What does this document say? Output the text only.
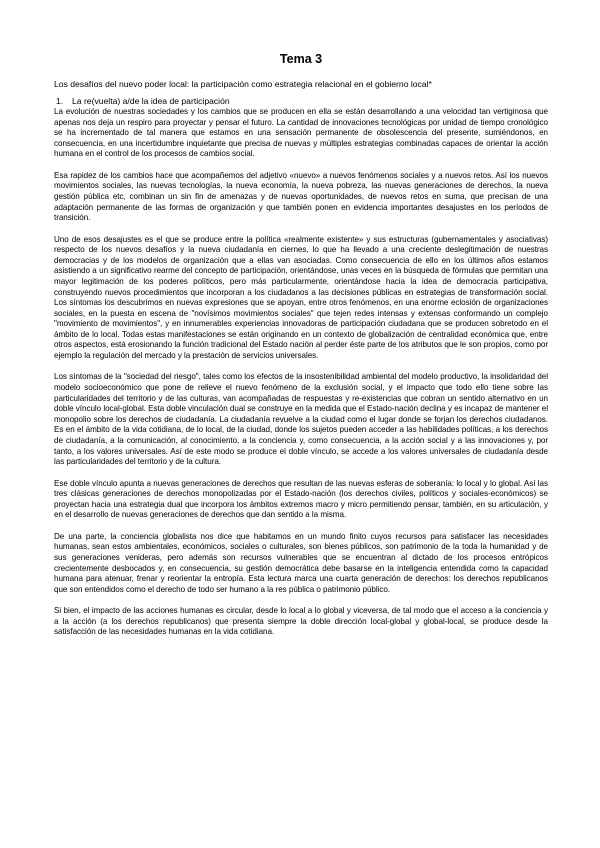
Tema 3
Los desafíos del nuevo poder local: la participación como estrategia relacional en el gobierno local*
1. La re(vuelta) a/de la idea de participación

La evolución de nuestras sociedades y los cambios que se producen en ella se están desarrollando a una velocidad tan vertiginosa que apenas nos deja un respiro para proyectar y pensar el futuro. La cantidad de innovaciones tecnológicas por unidad de tiempo cronológico se ha incrementado de tal manera que estamos en una sensación permanente de obsolescencia del presente, sumiéndonos, en consecuencia, en una incertidumbre inquietante que precisa de nuevas y múltiples estrategias combinadas capaces de orientar la acción humana en el control de los procesos de cambios social.

Esa rapidez de los cambios hace que acompañemos del adjetivo «nuevo» a nuevos fenómenos sociales y a nuevos retos. Así los nuevos movimientos sociales, las nuevas tecnologías, la nueva economía, la nueva pobreza, las nuevas generaciones de derechos, la nueva gestión pública etc, combinan un sin fin de amenazas y de nuevas oportunidades, de nuevos retos en suma, que precisan de una adaptación permanente de las formas de organización y que también ponen en evidencia importantes desajustes en los períodos de transición.

Uno de esos desajustes es el que se produce entre la política «realmente existente» y sus estructuras (gubernamentales y asociativas) respecto de los nuevos desafíos y la nueva ciudadanía en ciernes, lo que ha llevado a una creciente deslegitimación de nuestras democracias y de los modelos de organización que a ellas van asociadas. Como consecuencia de ello en los últimos años estamos asistiendo a un significativo rearme del concepto de participación, orientándose, unas veces en la búsqueda de fórmulas que permitan una mayor legitimación de los poderes políticos, pero más particularmente, orientándose hacia la idea de democracia participativa, construyendo nuevos procedimientos que incorporan a los ciudadanos a las decisiones públicas en estrategias de transformación social. Los síntomas los descubrimos en nuevas expresiones que se apoyan, entre otros fenómenos, en una enorme eclosión de organizaciones sociales, en la puesta en escena de "novísimos movimientos sociales" que tejen redes intensas y extensas conformando un complejo "movimiento de movimientos", y en innumerables experiencias innovadoras de participación ciudadana que se producen sobretodo en el ámbito de lo local. Todas estas manifestaciones se están originando en un contexto de globalización de centralidad económica que, entre otros aspectos, está erosionando la función tradicional del Estado nación al perder éste parte de los atributos que le son propios, como por ejemplo la regulación del mercado y la prestación de servicios universales.

Los síntomas de la "sociedad del riesgo", tales como los efectos de la insostenibilidad ambiental del modelo productivo, la insolidaridad del modelo socioeconómico que pone de relieve el nuevo fenómeno de la exclusión social, y el impacto que todo ello tiene sobre las particularidades del territorio y de las culturas, van acompañadas de respuestas y re-existencias que cobran un sentido alternativo en un doble vínculo local-global. Esta doble vinculación dual se construye en la medida que el Estado-nación declina y es incapaz de mantener el monopolio sobre los derechos de ciudadanía. La ciudadanía revuelve a la ciudad como el lugar donde se forjan los derechos ciudadanos. Es en el ámbito de la vida cotidiana, de lo local, de la ciudad, donde los sujetos pueden acceder a las habilidades políticas, a los derechos de ciudadanía, a la comunicación, al conocimiento, a la conciencia y, como consecuencia, a la acción social y a las innovaciones y, por tanto, a los valores universales. Así de este modo se produce el doble vínculo, se accede a los valores universales de ciudadanía desde las particularidades del territorio y de la cultura.

Ese doble vínculo apunta a nuevas generaciones de derechos que resultan de las nuevas esferas de soberanía: lo local y lo global. Así las tres clásicas generaciones de derechos monopolizadas por el Estado-nación (los derechos civiles, políticos y sociales-económicos) se proyectan hacia una estrategia dual que incorpora los ámbitos extremos macro y micro permitiendo pensar, también, en su articulación, y en el desarrollo de nuevas generaciones de derechos que dan sentido a la misma.

De una parte, la conciencia globalista nos dice que habitamos en un mundo finito cuyos recursos para satisfacer las necesidades humanas, sean estos ambientales, económicos, sociales o culturales, son bienes públicos, son patrimonio de la toda la humanidad y de sus generaciones venideras, pero además son recursos vulnerables que se encuentran al dictado de los procesos entrópicos crecientemente desbocados y, en consecuencia, su gestión democrática debe basarse en la inteligencia entendida como la capacidad humana para atenuar, frenar y reorientar la entropía. Esta lectura marca una cuarta generación de derechos: los derechos republicanos que son entendidos como el derecho de todo ser humano a la res pública o patrimonio público.

Si bien, el impacto de las acciones humanas es circular, desde lo local a lo global y viceversa, de tal modo que el acceso a la conciencia y a la acción (a los derechos republicanos) que presenta siempre la doble dirección local-global y global-local, se produce desde la satisfacción de las necesidades humanas en la vida cotidiana.
